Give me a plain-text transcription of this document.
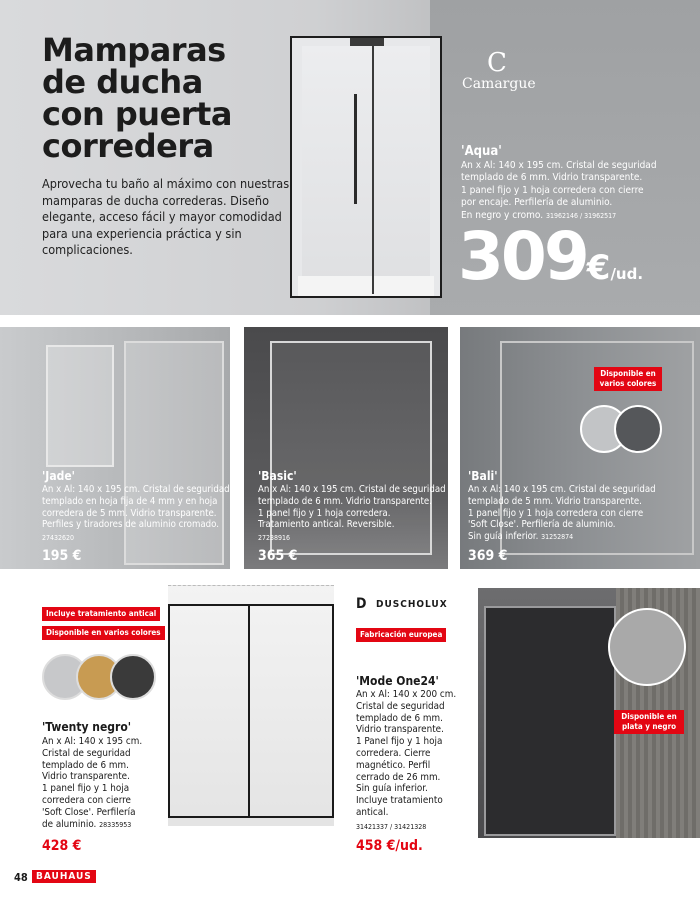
Mamparas
de ducha
con puerta
corredera
Aprovecha tu baño al máximo con nuestras mamparas de ducha correderas. Diseño elegante, acceso fácil y mayor comodidad para una experiencia práctica y sin complicaciones.
C
Camargue
'Aqua'
An x Al: 140 x 195 cm. Cristal de seguridad
templado de 6 mm. Vidrio transparente.
1 panel fijo y 1 hoja corredera con cierre
por encaje. Perfilería de aluminio.
En negro y cromo. 31962146 / 31962517
309€/ud.
'Jade'
An x Al: 140 x 195 cm. Cristal de seguridad
templado en hoja fija de 4 mm y en hoja
corredera de 5 mm. Vidrio transparente.
Perfiles y tiradores de aluminio cromado.
27432620
195 €
'Basic'
An x Al: 140 x 195 cm. Cristal de seguridad
templado de 6 mm. Vidrio transparente.
1 panel fijo y 1 hoja corredera.
Tratamiento antical. Reversible.
27238916
365 €
Disponible en varios colores
'Bali'
An x Al: 140 x 195 cm. Cristal de seguridad
templado de 5 mm. Vidrio transparente.
1 panel fijo y 1 hoja corredera con cierre
'Soft Close'. Perfilería de aluminio.
Sin guía inferior. 31252874
369 €
Incluye tratamiento antical
Disponible en varios colores
'Twenty negro'
An x Al: 140 x 195 cm.
Cristal de seguridad
templado de 6 mm.
Vidrio transparente.
1 panel fijo y 1 hoja
corredera con cierre
'Soft Close'. Perfilería
de aluminio. 28335953
428 €
D DUSCHOLUX
Fabricación europea
'Mode One24'
An x Al: 140 x 200 cm.
Cristal de seguridad
templado de 6 mm.
Vidrio transparente.
1 Panel fijo y 1 hoja
corredera. Cierre
magnético. Perfil
cerrado de 26 mm.
Sin guía inferior.
Incluye tratamiento
antical.
31421337 / 31421328
458 €/ud.
Disponible en plata y negro
48 BAUHAUS
